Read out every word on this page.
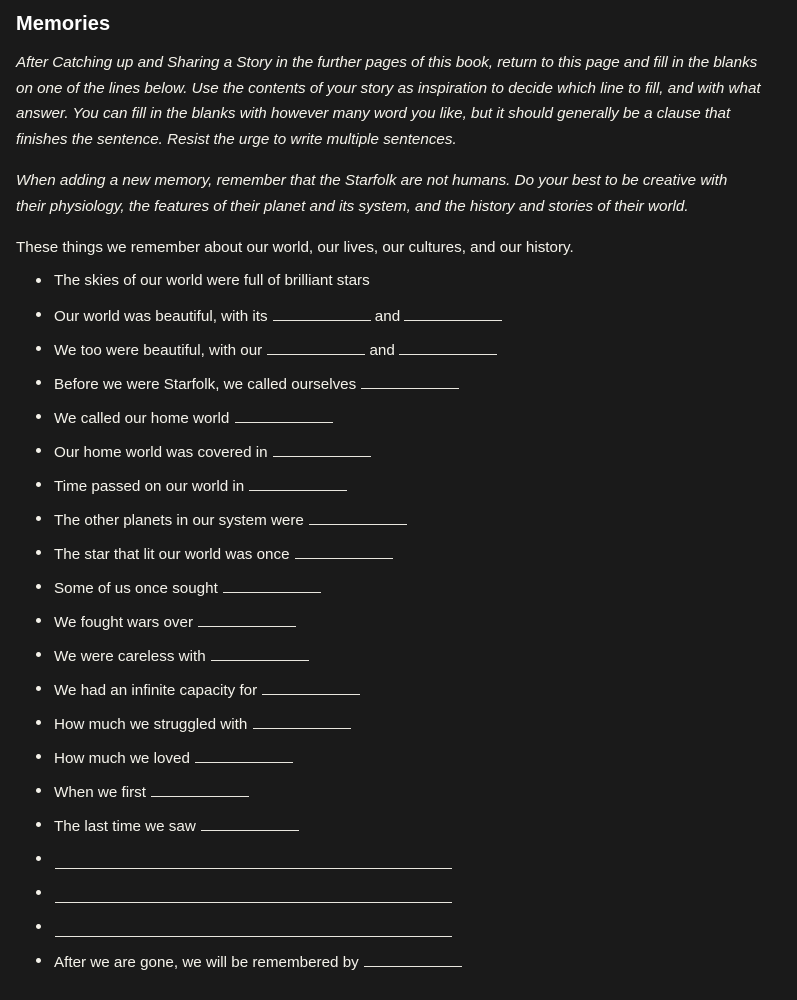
Memories

After Catching up and Sharing a Story in the further pages of this book, return to this page and fill in the blanks on one of the lines below. Use the contents of your story as inspiration to decide which line to fill, and with what answer. You can fill in the blanks with however many word you like, but it should generally be a clause that finishes the sentence. Resist the urge to write multiple sentences.

When adding a new memory, remember that the Starfolk are not humans. Do your best to be creative with their physiology, the features of their planet and its system, and the history and stories of their world.

These things we remember about our world, our lives, our cultures, and our history.

The skies of our world were full of brilliant stars
Our world was beautiful, with its	and
We too were beautiful, with our	and
Before we were Starfolk, we called ourselves
We called our home world
Our home world was covered in
Time passed on our world in
The other planets in our system were
The star that lit our world was once
Some of us once sought
We fought wars over
We were careless with
We had an infinite capacity for
How much we struggled with
How much we loved
When we first
The last time we saw
After we are gone, we will be remembered by
